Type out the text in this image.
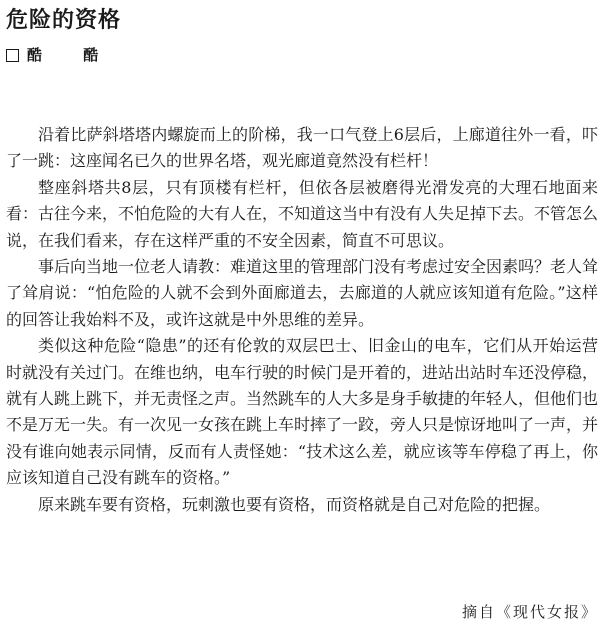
危险的资格
酷 酷

沿着比萨斜塔塔内螺旋而上的阶梯，我一口气登上6层后，上廊道往外一看，吓了一跳：这座闻名已久的世界名塔，观光廊道竟然没有栏杆！

整座斜塔共8层，只有顶楼有栏杆，但依各层被磨得光滑发亮的大理石地面来看：古往今来，不怕危险的大有人在，不知道这当中有没有人失足掉下去。不管怎么说，在我们看来，存在这样严重的不安全因素，简直不可思议。

事后向当地一位老人请教：难道这里的管理部门没有考虑过安全因素吗？老人耸了耸肩说：“怕危险的人就不会到外面廊道去，去廊道的人就应该知道有危险。”这样的回答让我始料不及，或许这就是中外思维的差异。

类似这种危险“隐患”的还有伦敦的双层巴士、旧金山的电车，它们从开始运营时就没有关过门。在维也纳，电车行驶的时候门是开着的，进站出站时车还没停稳，就有人跳上跳下，并无责怪之声。当然跳车的人大多是身手敏捷的年轻人，但他们也不是万无一失。有一次见一女孩在跳上车时摔了一跤，旁人只是惊讶地叫了一声，并没有谁向她表示同情，反而有人责怪她：“技术这么差，就应该等车停稳了再上，你应该知道自己没有跳车的资格。”

原来跳车要有资格，玩刺激也要有资格，而资格就是自己对危险的把握。

摘自《现代女报》
